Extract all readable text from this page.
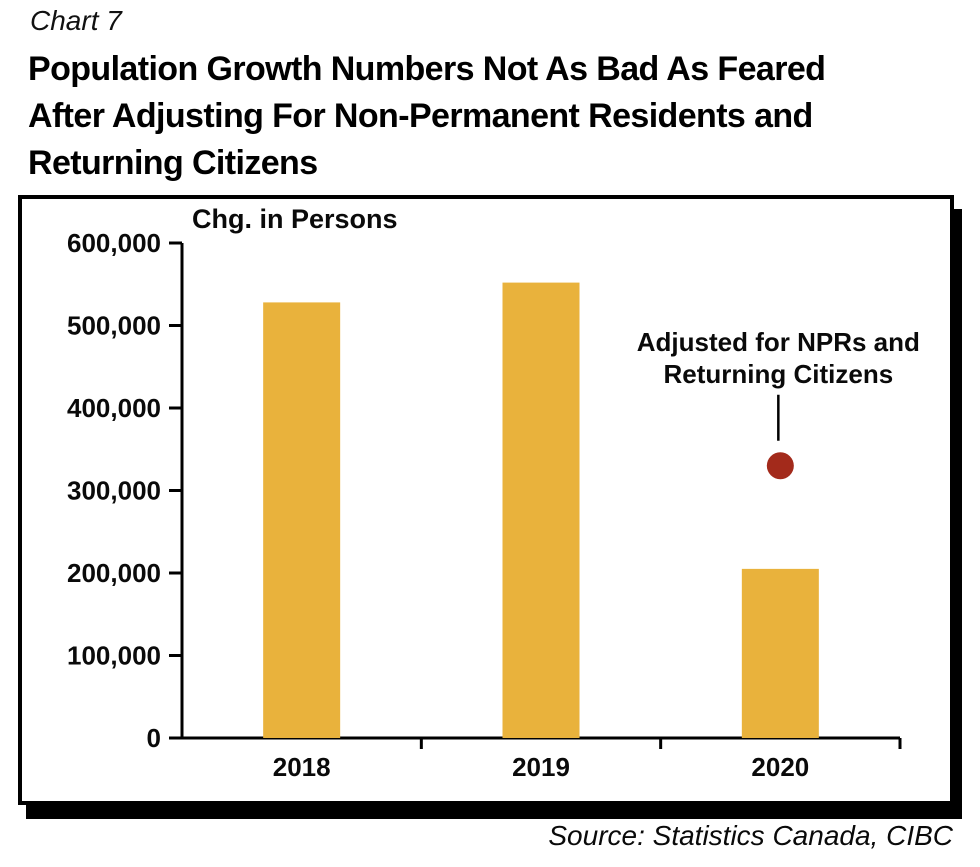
Chart 7
Population Growth Numbers Not As Bad As Feared
After Adjusting For Non-Permanent Residents and
Returning Citizens
0
100,000
200,000
300,000
400,000
500,000
600,000
2018	2019	2020
Adjusted for NPRs and
Returning Citizens
Chg. in Persons
Source: Statistics Canada, CIBC
